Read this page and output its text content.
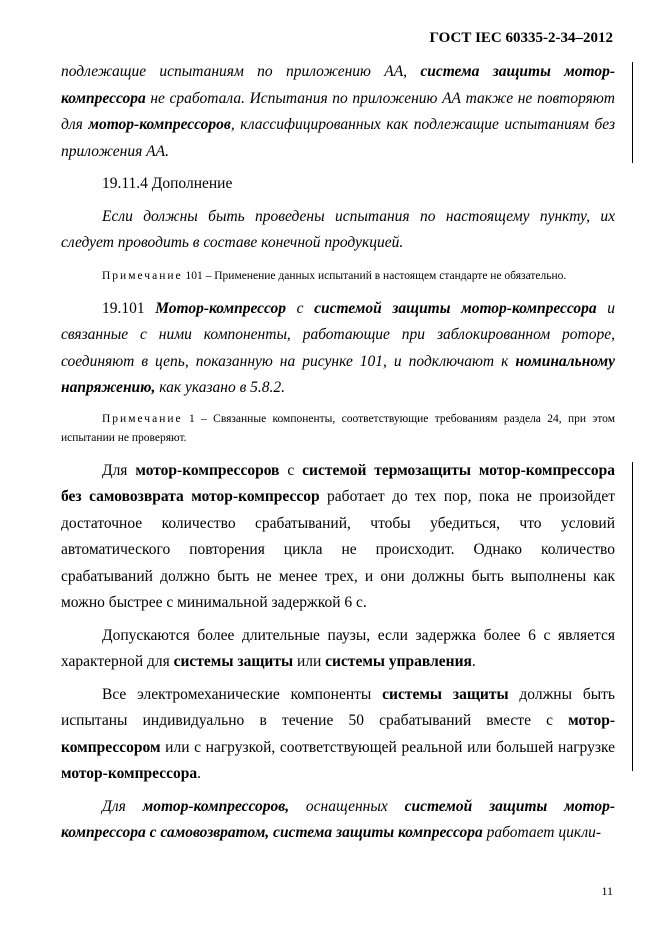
ГОСТ IEC 60335-2-34–2012

подлежащие испытаниям по приложению АА, система защиты мотор-компрессора не сработала. Испытания по приложению АА также не повторяют для мотор-компрессоров, классифицированных как подлежащие испытаниям без приложения АА.

19.11.4 Дополнение

Если должны быть проведены испытания по настоящему пункту, их следует проводить в составе конечной продукцией.

Примечание 101 – Применение данных испытаний в настоящем стандарте не обязательно.

19.101 Мотор-компрессор с системой защиты мотор-компрессора и связанные с ними компоненты, работающие при заблокированном роторе, соединяют в цепь, показанную на рисунке 101, и подключают к номинальному напряжению, как указано в 5.8.2.

Примечание 1 – Связанные компоненты, соответствующие требованиям раздела 24, при этом испытании не проверяют.

Для мотор-компрессоров с системой термозащиты мотор-компрессора без самовозврата мотор-компрессор работает до тех пор, пока не произойдет достаточное количество срабатываний, чтобы убедиться, что условий автоматического повторения цикла не происходит. Однако количество срабатываний должно быть не менее трех, и они должны быть выполнены как можно быстрее с минимальной задержкой 6 с.

Допускаются более длительные паузы, если задержка более 6 с является характерной для системы защиты или системы управления.

Все электромеханические компоненты системы защиты должны быть испытаны индивидуально в течение 50 срабатываний вместе с мотор-компрессором или с нагрузкой, соответствующей реальной или большей нагрузке мотор-компрессора.

Для мотор-компрессоров, оснащенных системой защиты мотор-компрессора с самовозвратом, система защиты компрессора работает цикли-

11
